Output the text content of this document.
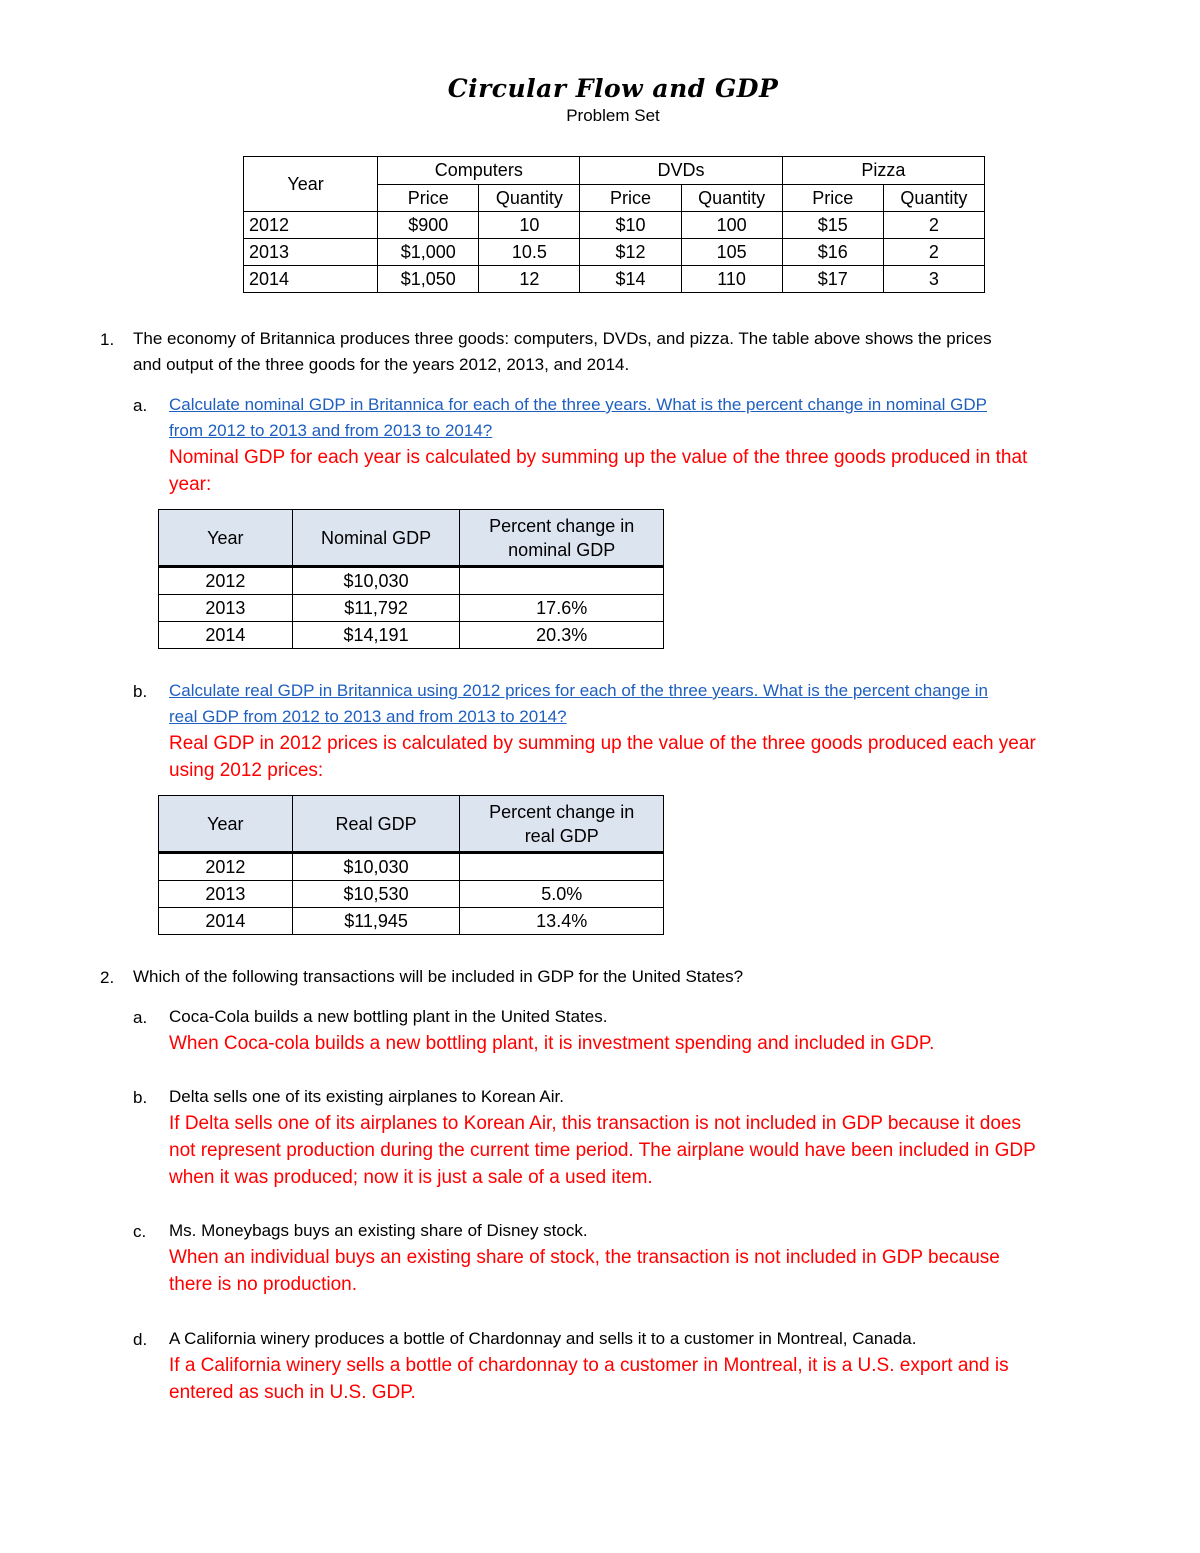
Circular Flow and GDP
Problem Set
Year	Computers		DVDs		Pizza	
	Price	Quantity	Price	Quantity	Price	Quantity
2012	$900	10	$10	100	$15	2
2013	$1,000	10.5	$12	105	$16	2
2014	$1,050	12	$14	110	$17	3
1. The economy of Britannica produces three goods: computers, DVDs, and pizza. The table above shows the prices
and output of the three goods for the years 2012, 2013, and 2014.
a. Calculate nominal GDP in Britannica for each of the three years. What is the percent change in nominal GDP
from 2012 to 2013 and from 2013 to 2014?
Nominal GDP for each year is calculated by summing up the value of the three goods produced in that
year:
Year	Nominal GDP	Percent change in
nominal GDP

2012	$10,030	
2013	$11,792	17.6%
2014	$14,191	20.3%
b. Calculate real GDP in Britannica using 2012 prices for each of the three years. What is the percent change in
real GDP from 2012 to 2013 and from 2013 to 2014?
Real GDP in 2012 prices is calculated by summing up the value of the three goods produced each year
using 2012 prices:
Year	Real GDP	Percent change in
real GDP

2012	$10,030	
2013	$10,530	5.0%
2014	$11,945	13.4%
2. Which of the following transactions will be included in GDP for the United States?
a. Coca-Cola builds a new bottling plant in the United States.
When Coca-cola builds a new bottling plant, it is investment spending and included in GDP.
b. Delta sells one of its existing airplanes to Korean Air.
If Delta sells one of its airplanes to Korean Air, this transaction is not included in GDP because it does
not represent production during the current time period. The airplane would have been included in GDP
when it was produced; now it is just a sale of a used item.
c. Ms. Moneybags buys an existing share of Disney stock.
When an individual buys an existing share of stock, the transaction is not included in GDP because
there is no production.
d. A California winery produces a bottle of Chardonnay and sells it to a customer in Montreal, Canada.
If a California winery sells a bottle of chardonnay to a customer in Montreal, it is a U.S. export and is
entered as such in U.S. GDP.
